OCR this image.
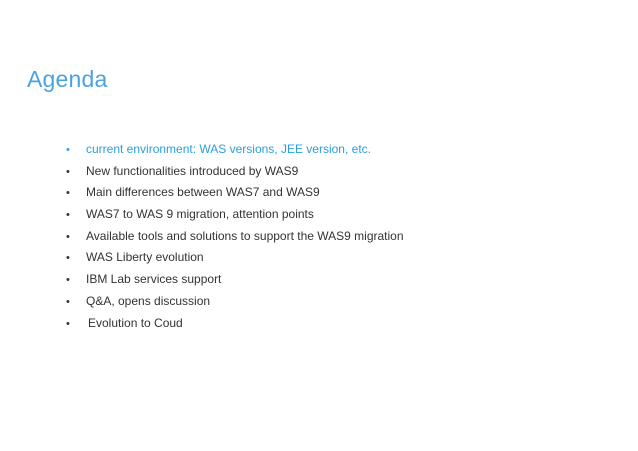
Agenda
• current environment: WAS versions, JEE version, etc.
• New functionalities introduced by WAS9
• Main differences between WAS7 and WAS9
• WAS7 to WAS 9 migration, attention points
• Available tools and solutions to support the WAS9 migration
• WAS Liberty evolution
• IBM Lab services support
• Q&A, opens discussion
• Evolution to Coud
